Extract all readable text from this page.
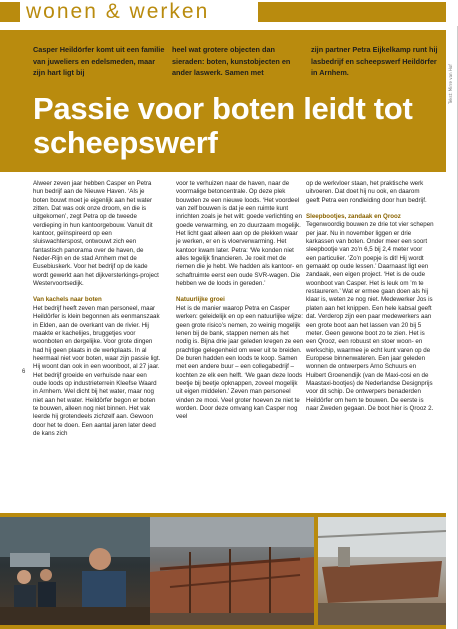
wonen & werken
Tekst: Mirre van Hof
Casper Heildörfer komt uit een familie van juweliers en edelsmeden, maar zijn hart ligt bij
heel wat grotere objecten dan sieraden: boten, kunstobjecten en ander laswerk. Samen met
zijn partner Petra Eijkelkamp runt hij lasbedrijf en scheepswerf Heildörfer in Arnhem.
Passie voor boten leidt tot scheepswerf
6

Alweer zeven jaar hebben Casper en Petra hun bedrijf aan de Nieuwe Haven. ‘Als je boten bouwt moet je eigenlijk aan het water zitten. Dat was ook onze droom, en die is uitgekomen’, zegt Petra op de tweede verdieping in hun kantoorgebouw. Vanuit dit kantoor, geïnspireerd op een sluiswachterspost, ontwouwt zich een fantastisch panorama over de haven, de Neder-Rijn en de stad Arnhem met de Eusebiuskerk. Voor het bedrijf op de kade wordt gewerkt aan het dijkversterkings-project Westervoortsedijk.

Van kachels naar boten

Het bedrijf heeft zeven man personeel, maar Heildörfer is klein begonnen als eenmanszaak in Elden, aan de overkant van de rivier. Hij maakte er kachelijes, bruggetjes voor woonboten en dergelijke. Voor grote dingen had hij geen plaats in de werkplaats. In al heermaal niet voor boten, waar zijn passie ligt. Hij woont dan ook in een woonboot, al 27 jaar. Het bedrijf groeide en verhuisde naar een oude loods op industrieterrein Kleefse Waard in Arnhem. Wel dicht bij het water, maar nog niet aan het water. Heildörfer begon er boten te bouwen, alleen nog niet binnen. Het vak leerde hij grotendeels zichzelf aan. Gewoon door het te doen. Een aantal jaren later deed de kans zich

voor te verhuizen naar de haven, naar de voormalige betoncentrale. Op deze plek bouwden ze een nieuwe loods. ‘Het voordeel van zelf bouwen is dat je een ruimte kunt inrichten zoals je het wilt: goede verlichting en goede verwarming, en zo duurzaam mogelijk. Het licht gaat alleen aan op de plekken waar je werken, er en is vloerverwarming. Het kantoor kwam later. Petra: ‘We konden niet alles tegelijk financieren. Je roeit met de riemen die je hebt. We hadden als kantoor- en schaftruimte eerst een oude SVR-wagen. Die hebben we de loods in gereden.’

Natuurlijke groei

Het is de manier waarop Petra en Casper werken: geleidelijk en op een natuurlijke wijze: geen grote risico’s nemen, zo weinig mogelijk lenen bij de bank, stappen nemen als het nodig is. Bijna drie jaar geleden kregen ze een prachtige gelegenheid om weer uit te breiden. De buren hadden een loods te koop. Samen met een andere buur – een collegabedrijf – kochten ze elk een helft. ‘We gaan deze loods beetje bij beetje opknappen, zoveel mogelijk uit eigen middelen.’ Zeven man personeel vinden ze mooi. Veel groter hoeven ze niet te worden. Door deze omvang kan Casper nog veel

op de werkvloer staan, het praktische werk uitvoeren. Dat doet hij nu ook, en daarom geeft Petra een rondleiding door hun bedrijf.

Sleepbootjes, zandaak en Qrooz

Tegenwoordig bouwen ze drie tot vier schepen per jaar. Nu in november liggen er drie karkassen van boten. Onder meer een soort sleepbootje van zo’n 6,5 bij 2,4 meter voor een particulier. ‘Zo’n poepje is dit! Hij wordt gemaakt op oude lessen.’ Daarnaast ligt een zandaak, een eigen project. ‘Het is de oude woonboot van Casper. Het is leuk om ’m te restaureren.’ Wat er ermee gaan doen als hij klaar is, weten ze nog niet. Medewerker Jos is platen aan het knippen. Een hele kabsal geeft dat. Verderop zijn een paar medewerkers aan een grote boot aan het lassen van 20 bij 5 meter. Geen gewone boot zo te zien. Het is een Qrooz, een robuust en stoer woon- en werkschip, waarmee je echt kunt varen op de Europese binnenwateren. Een jaar geleden wonnen de ontwerpers Arno Schuurs en Huibert Groenendijk (van de Maxi-cosi en de Maastaxi-bootjes) de Nederlandse Designprijs voor dit schip. De ontwerpers benaderden Heildörfer om hem te bouwen. De eerste is naar Zweden gegaan. De boot hier is Qrooz 2.
